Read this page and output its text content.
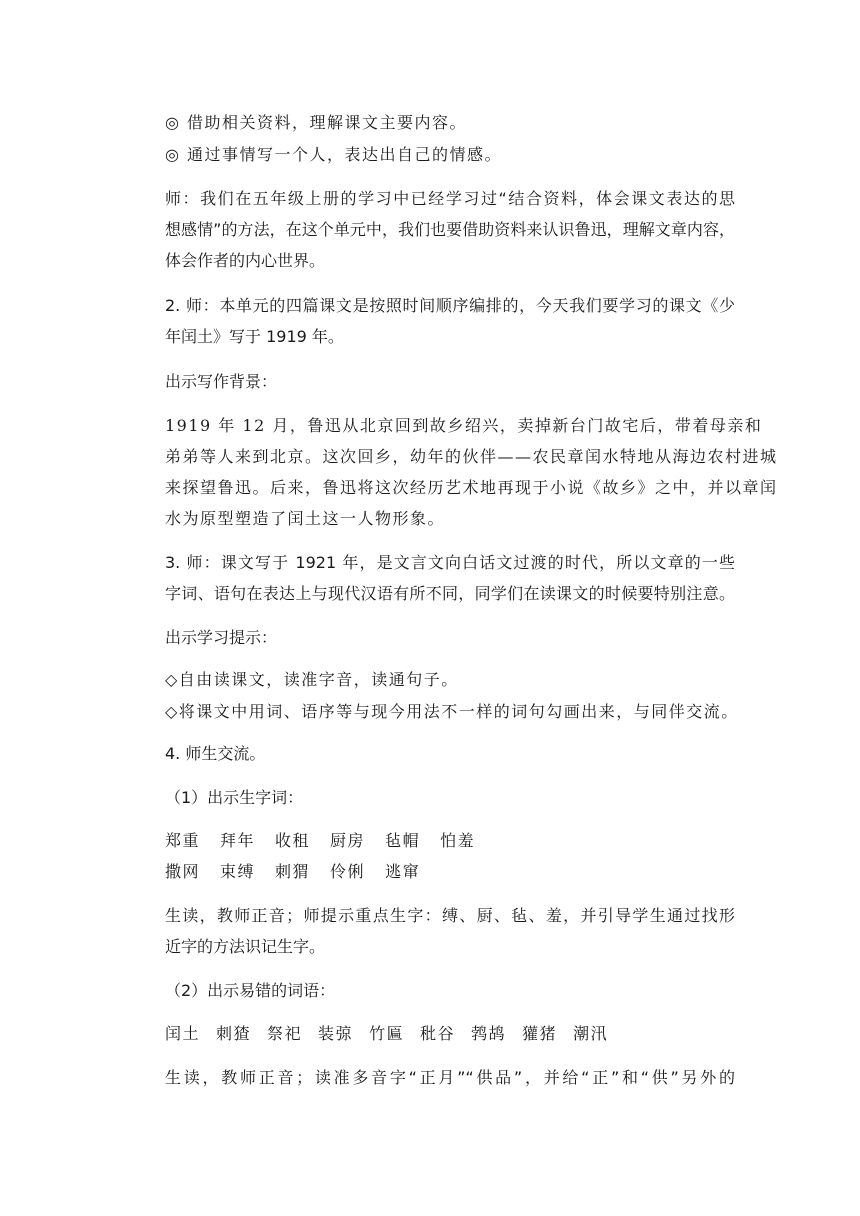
◎ 借助相关资料，理解课文主要内容。
◎ 通过事情写一个人，表达出自己的情感。
师：我们在五年级上册的学习中已经学习过“结合资料，体会课文表达的思
想感情”的方法，在这个单元中，我们也要借助资料来认识鲁迅，理解文章内容，
体会作者的内心世界。
2. 师：本单元的四篇课文是按照时间顺序编排的，今天我们要学习的课文《少
年闰土》写于 1919 年。
出示写作背景：
1919 年 12 月，鲁迅从北京回到故乡绍兴，卖掉新台门故宅后，带着母亲和
弟弟等人来到北京。这次回乡，幼年的伙伴——农民章闰水特地从海边农村进城
来探望鲁迅。后来，鲁迅将这次经历艺术地再现于小说《故乡》之中，并以章闰
水为原型塑造了闰土这一人物形象。
3. 师：课文写于 1921 年，是文言文向白话文过渡的时代，所以文章的一些
字词、语句在表达上与现代汉语有所不同，同学们在读课文的时候要特别注意。
出示学习提示：
◇自由读课文，读准字音，读通句子。
◇将课文中用词、语序等与现今用法不一样的词句勾画出来，与同伴交流。
4. 师生交流。
（1）出示生字词：
郑重 拜年 收租 厨房 毡帽 怕羞
撒网 束缚 刺猬 伶俐 逃窜
生读，教师正音；师提示重点生字：缚、厨、毡、羞，并引导学生通过找形
近字的方法识记生字。
（2）出示易错的词语：
闰土 刺猹 祭祀 装弶 竹匾 秕谷 鹁鸪 獾猪 潮汛
生读，教师正音；读准多音字“正月”“供品”，并给“正”和“供”另外的
